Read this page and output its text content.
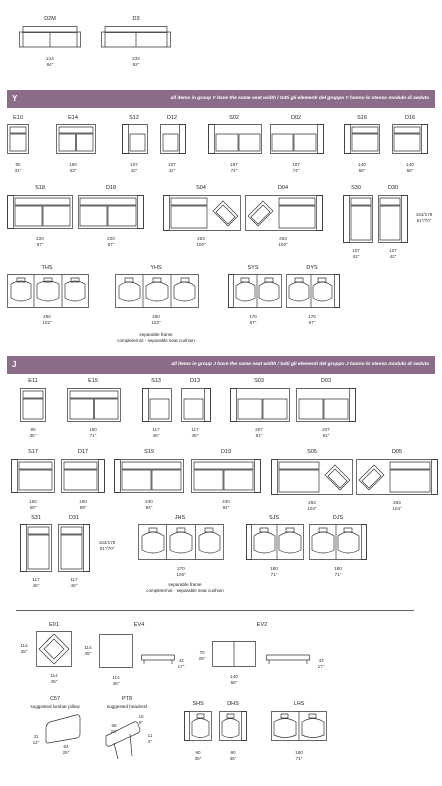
D2M
214
84"
D3
234
92"
Y	all items in group Y have the same seat width / tutti gli elementi del gruppo Y hanno lo stesso modulo di seduta
E10
80
31"
E14
160
63"
S12
107
42"
D12
107
42"
S02
187
74"
D02
187
74"
S16
140
55"
D16
140
55"
S18
220
87"
D18
220
87"
S04
253
100"
D04
253
100"
S30
107
42"
D30
107
42"
154/178
61"/70"
THS
260
102"
YHS
260
102"
separable frame
complete/not - separable seat cushion
SYS
170
67"
DYS
170
67"
J	all items in group J have the same seat width / tutti gli elementi del gruppo J hanno lo stesso modulo di seduta
E11
90
35"
E15
180
71"
S13
117
46"
D13
117
46"
S03
207
81"
D03
207
81"
S17
150
59"
D17
150
59"
S19
240
94"
D19
240
94"
S05
263
104"
D05
263
104"
S31
117
46"
D31
117
46"
154/178
61"/70"
JHS
270
106"
separable frame
complete/not - separable seat cushion
SJS
180
71"
DJS
180
71"
E01
114
45"
114
45"
EV4
114
45"
114
45"
43
17"
EV2
70
28"
140
55"
43
17"
C57
suggested lumbar pillow
31
12"
64
25"
PT8
suggested headrest
58
23"
16
6"
11
4"
SHS
90
35"
DHS
90
35"
LHS
180
71"
